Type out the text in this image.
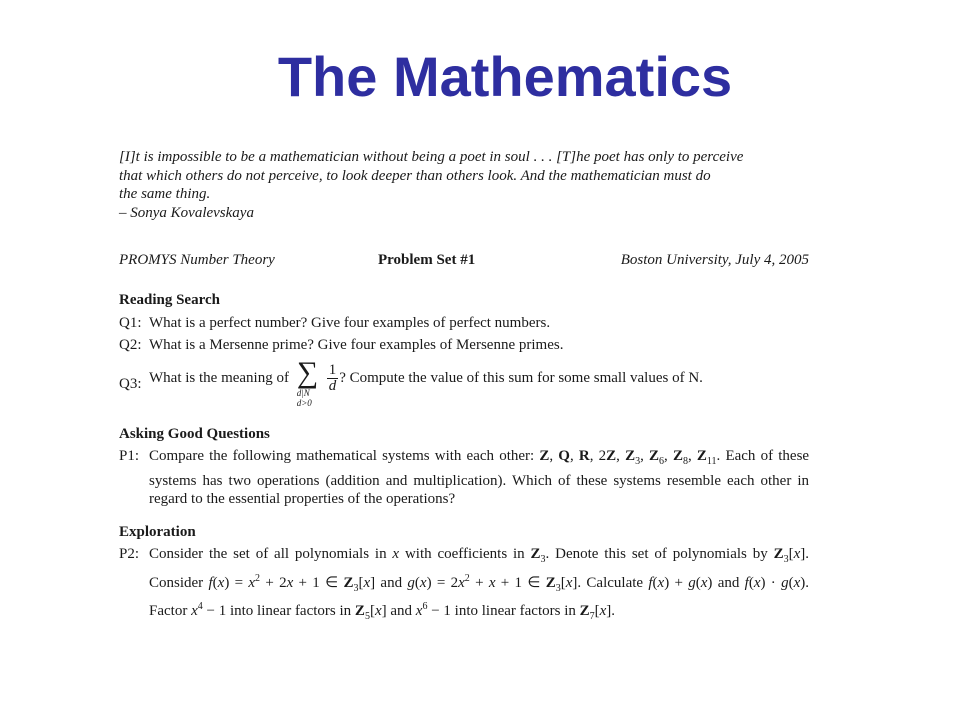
The Mathematics

[I]t is impossible to be a mathematician without being a poet in soul . . . [T]he poet has only to perceive

that which others do not perceive, to look deeper than others look. And the mathematician must do

the same thing.

– Sonya Kovalevskaya

PROMYS Number Theory	Problem Set #1	Boston University, July 4, 2005

Reading Search

Q1: What is a perfect number? Give four examples of perfect numbers.
Q2: What is a Mersenne prime? Give four examples of Mersenne primes.
Q3: What is the meaning of ∑
d|N
d>0
$\frac{1}{d}$ ? Compute the value of this sum for some small values of N.

Asking Good Questions

P1: Compare the following mathematical systems with each other: Z, Q, R, 2Z, $Z_3$, $Z_6$, $Z_8$, $Z_{11}$. Each of these systems has two operations (addition and multiplication). Which of these systems resemble each other in regard to the essential properties of the operations?

Exploration

P2: Consider the set of all polynomials in x with coefficients in $Z_3$. Denote this set of polynomials by $Z_3[x]$. Consider $f(x) = x^2 + 2x + 1$ ∈ $Z_3[x]$ and $g(x) = 2x^2 + x + 1$ ∈ $Z_3[x]$. Calculate f(x) + g(x) and f(x) · g(x). Factor $x^4 - 1$ into linear factors in $Z_5[x]$ and $x^6 - 1$ into linear factors in $Z_7[x]$.
